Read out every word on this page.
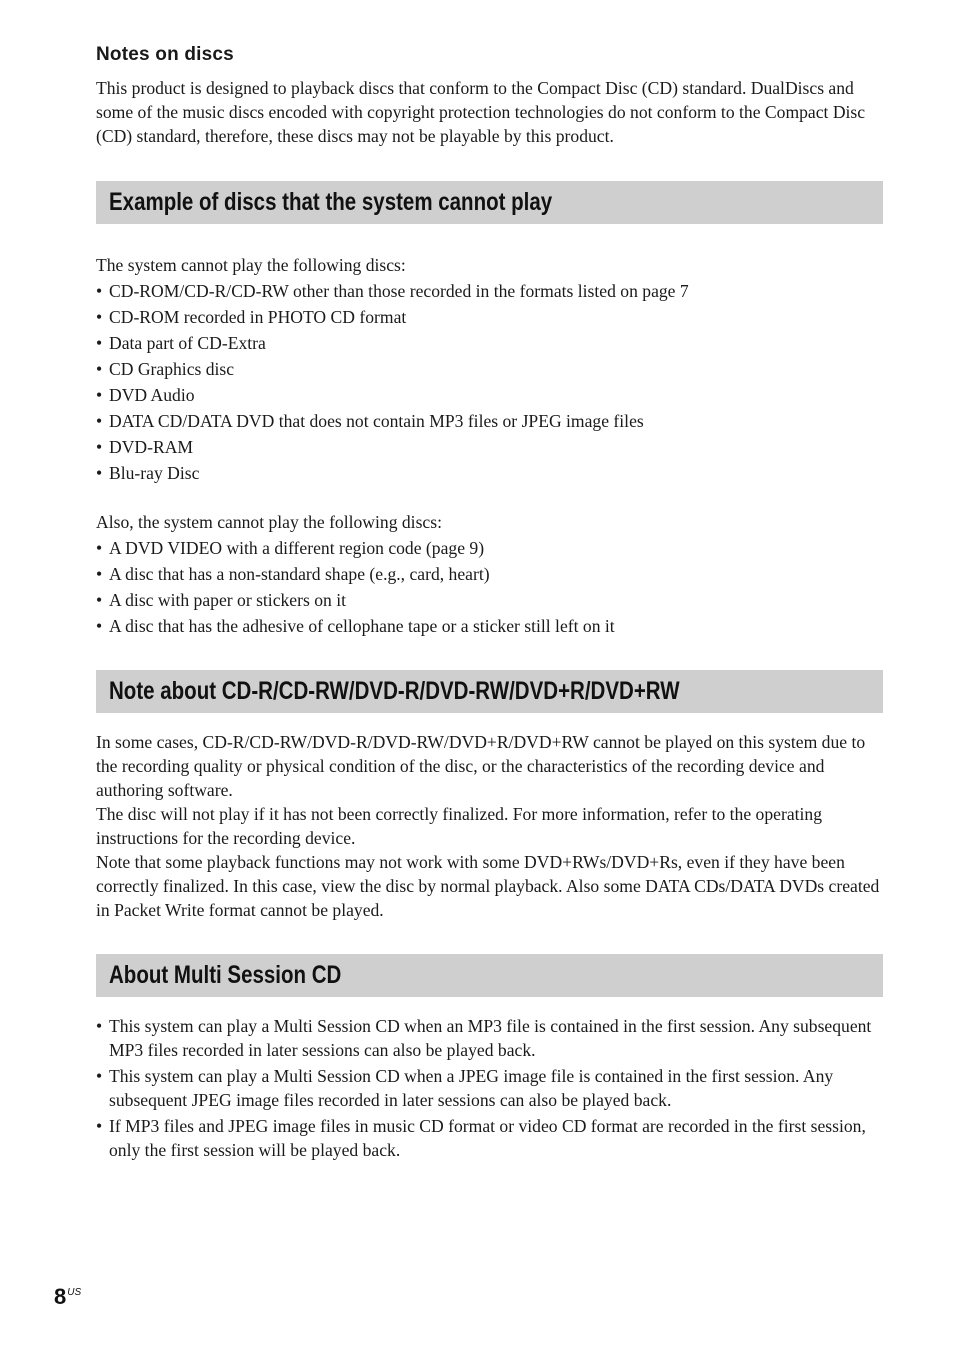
Notes on discs

This product is designed to playback discs that conform to the Compact Disc (CD) standard. DualDiscs and some of the music discs encoded with copyright protection technologies do not conform to the Compact Disc (CD) standard, therefore, these discs may not be playable by this product.

Example of discs that the system cannot play

The system cannot play the following discs:

• CD-ROM/CD-R/CD-RW other than those recorded in the formats listed on page 7
• CD-ROM recorded in PHOTO CD format
• Data part of CD-Extra
• CD Graphics disc
• DVD Audio
• DATA CD/DATA DVD that does not contain MP3 files or JPEG image files
• DVD-RAM
• Blu-ray Disc

Also, the system cannot play the following discs:

• A DVD VIDEO with a different region code (page 9)
• A disc that has a non-standard shape (e.g., card, heart)
• A disc with paper or stickers on it
• A disc that has the adhesive of cellophane tape or a sticker still left on it
Note about CD-R/CD-RW/DVD-R/DVD-RW/DVD+R/DVD+RW

In some cases, CD-R/CD-RW/DVD-R/DVD-RW/DVD+R/DVD+RW cannot be played on this system due to the recording quality or physical condition of the disc, or the characteristics of the recording device and authoring software.

The disc will not play if it has not been correctly finalized. For more information, refer to the operating instructions for the recording device.

Note that some playback functions may not work with some DVD+RWs/DVD+Rs, even if they have been correctly finalized. In this case, view the disc by normal playback. Also some DATA CDs/DATA DVDs created in Packet Write format cannot be played.

About Multi Session CD
• This system can play a Multi Session CD when an MP3 file is contained in the first session. Any subsequent MP3 files recorded in later sessions can also be played back.
• This system can play a Multi Session CD when a JPEG image file is contained in the first session. Any subsequent JPEG image files recorded in later sessions can also be played back.
• If MP3 files and JPEG image files in music CD format or video CD format are recorded in the first session, only the first session will be played back.
$8^{US}$
